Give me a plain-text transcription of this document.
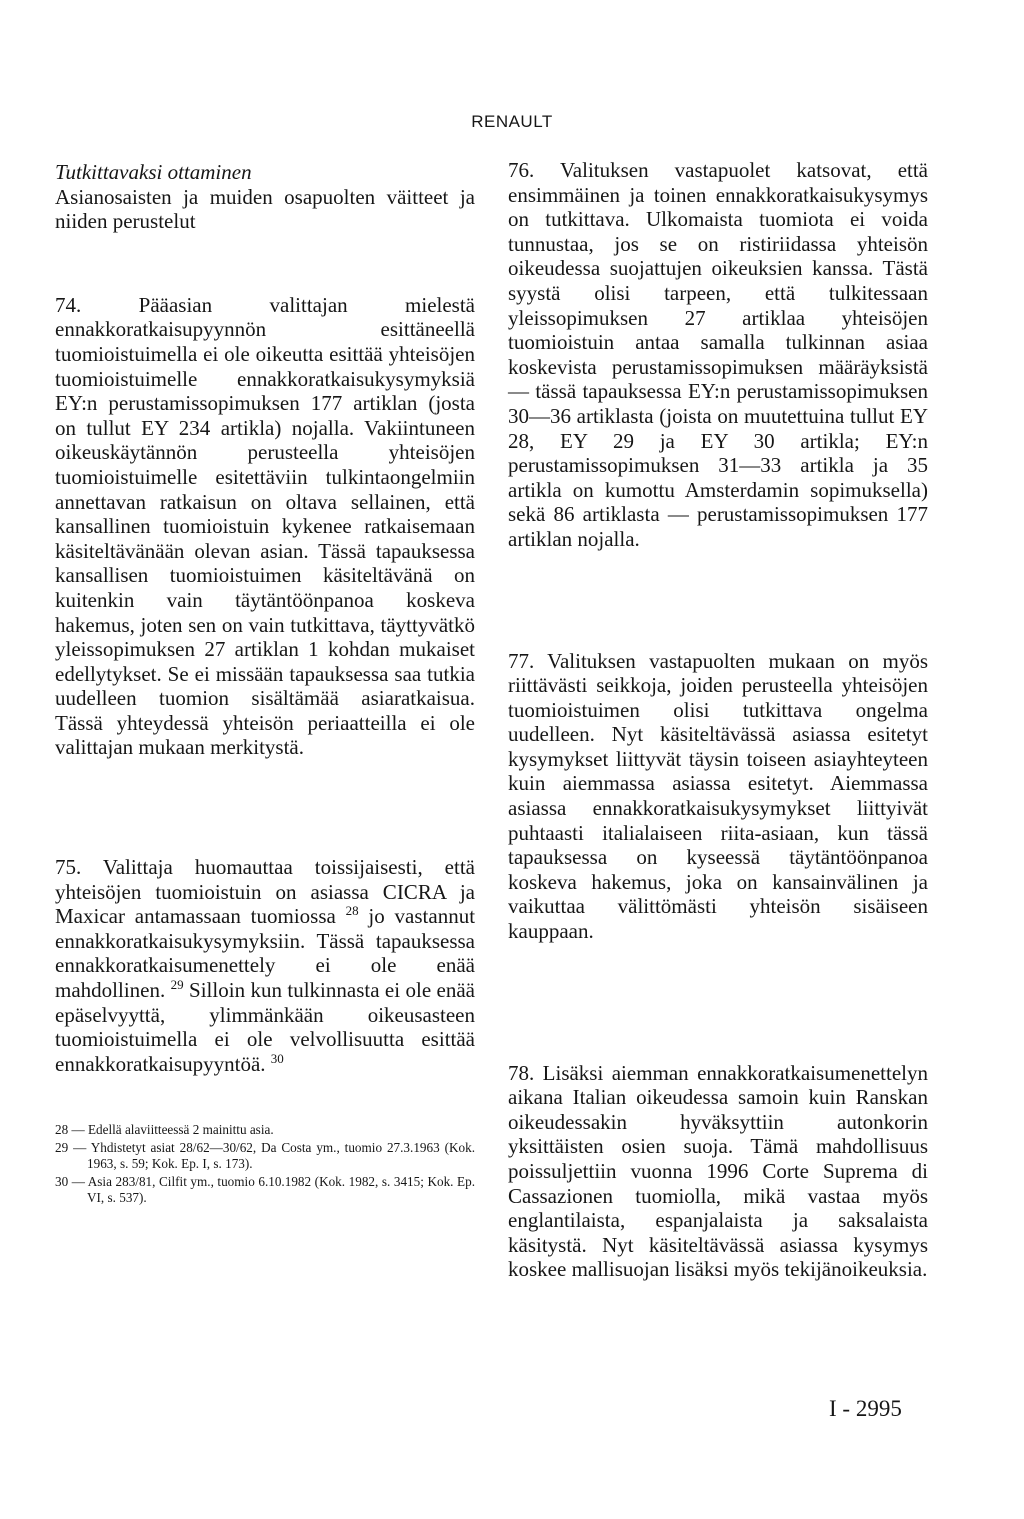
RENAULT

Tutkittavaksi ottaminen

Asianosaisten ja muiden osapuolten väitteet ja niiden perustelut

74.	Pääasian valittajan mielestä ennakkoratkaisupyynnön esittäneellä tuomioistuimella ei ole oikeutta esittää yhteisöjen tuomioistuimelle ennakkoratkaisukysymyksiä EY:n perustamissopimuksen 177 artiklan (josta on tullut EY 234 artikla) nojalla. Vakiintuneen oikeuskäytännön perusteella yhteisöjen tuomioistuimelle esitettäviin tulkintaongelmiin annettavan ratkaisun on oltava sellainen, että kansallinen tuomioistuin kykenee ratkaisemaan käsiteltävänään olevan asian. Tässä tapauksessa kansallisen tuomioistuimen käsiteltävänä on kuitenkin vain täytäntöönpanoa koskeva hakemus, joten sen on vain tutkittava, täyttyvätkö yleissopimuksen 27 artiklan 1 kohdan mukaiset edellytykset. Se ei missään tapauksessa saa tutkia uudelleen tuomion sisältämää asiaratkaisua. Tässä yhteydessä yhteisön periaatteilla ei ole valittajan mukaan merkitystä.

75. Valittaja huomauttaa toissijaisesti, että yhteisöjen tuomioistuin on asiassa CICRA ja Maxicar antamassaan tuomiossa $^{28}$ jo vastannut ennakkoratkaisukysymyksiin. Tässä tapauksessa ennakkoratkaisumenettely ei ole enää mahdollinen. $^{29}$ Silloin kun tulkinnasta ei ole enää epäselvyyttä, ylimmänkään oikeusasteen tuomioistuimella ei ole velvollisuutta esittää ennakkoratkaisupyyntöä. $^{30}$

28 — Edellä alaviitteessä 2 mainittu asia.

29 — Yhdistetyt asiat 28/62—30/62, Da Costa ym., tuomio 27.3.1963 (Kok. 1963, s. 59; Kok. Ep. I, s. 173).

30 — Asia 283/81, Cilfit ym., tuomio 6.10.1982 (Kok. 1982, s. 3415; Kok. Ep. VI, s. 537).

76. Valituksen vastapuolet katsovat, että ensimmäinen ja toinen ennakkoratkaisukysymys on tutkittava. Ulkomaista tuomiota ei voida tunnustaa, jos se on ristiriidassa yhteisön oikeudessa suojattujen oikeuksien kanssa. Tästä syystä olisi tarpeen, että tulkitessaan yleissopimuksen 27 artiklaa yhteisöjen tuomioistuin antaa samalla tulkinnan asiaa koskevista perustamissopimuksen määräyksistä — tässä tapauksessa EY:n perustamissopimuksen 30—36 artiklasta (joista on muutettuina tullut EY 28, EY 29 ja EY 30 artikla; EY:n perustamissopimuksen 31—33 artikla ja 35 artikla on kumottu Amsterdamin sopimuksella) sekä 86 artiklasta — perustamissopimuksen 177 artiklan nojalla.

77. Valituksen vastapuolten mukaan on myös riittävästi seikkoja, joiden perusteella yhteisöjen tuomioistuimen olisi tutkittava ongelma uudelleen. Nyt käsiteltävässä asiassa esitetyt kysymykset liittyvät täysin toiseen asiayhteyteen kuin aiemmassa asiassa esitetyt. Aiemmassa asiassa ennakkoratkaisukysymykset liittyivät puhtaasti italialaiseen riita-asiaan, kun tässä tapauksessa on kyseessä täytäntöönpanoa koskeva hakemus, joka on kansainvälinen ja vaikuttaa välittömästi yhteisön sisäiseen kauppaan.

78. Lisäksi aiemman ennakkoratkaisumenettelyn aikana Italian oikeudessa samoin kuin Ranskan oikeudessakin hyväksyttiin autonkorin yksittäisten osien suoja. Tämä mahdollisuus poissuljettiin vuonna 1996 Corte Suprema di Cassazionen tuomiolla, mikä vastaa myös englantilaista, espanjalaista ja saksalaista käsitystä. Nyt käsiteltävässä asiassa kysymys koskee mallisuojan lisäksi myös tekijänoikeuksia.

I - 2995
